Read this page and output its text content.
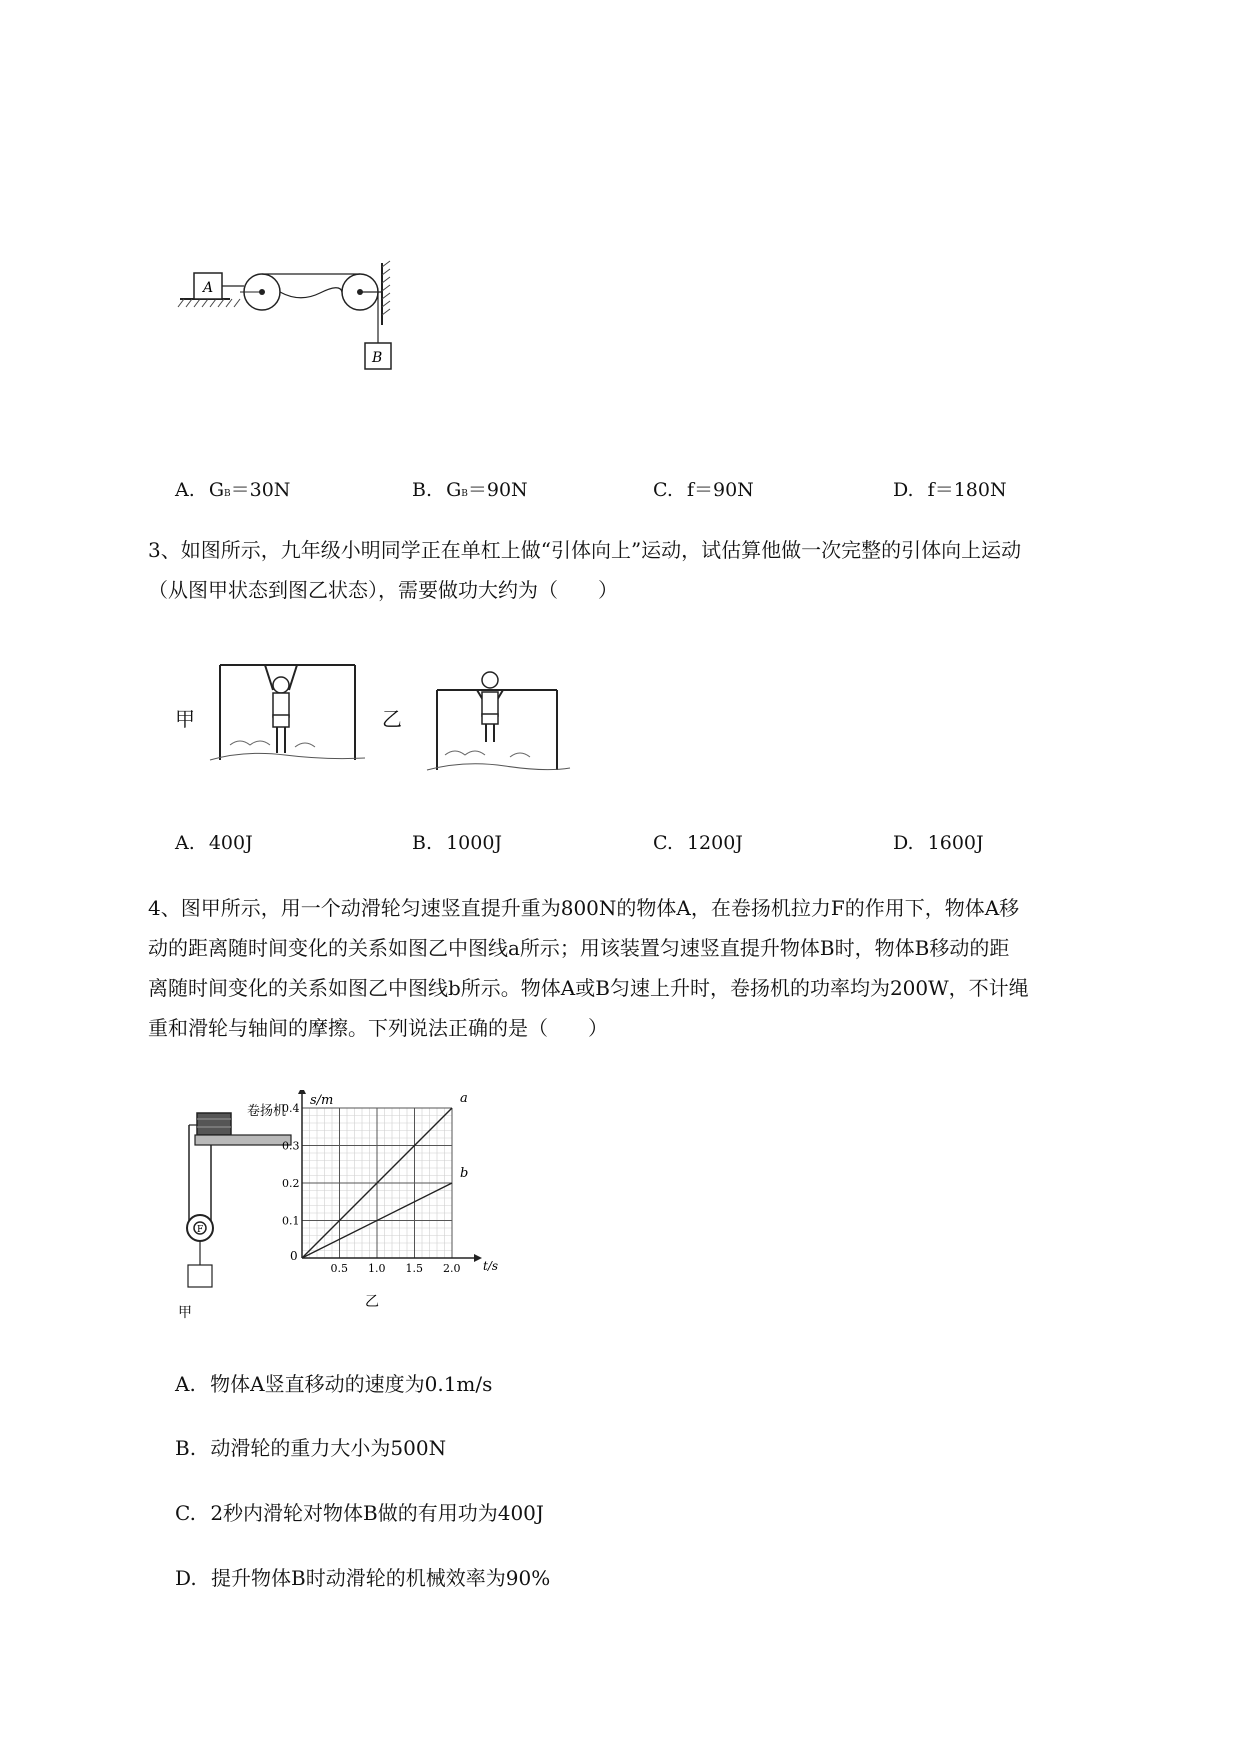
A
B
A. GB＝30N	B. GB＝90N	C. f＝90N	D. f＝180N
3、如图所示，九年级小明同学正在单杠上做“引体向上”运动，试估算他做一次完整的引体向上运动
（从图甲状态到图乙状态），需要做功大约为（　　）
甲	乙
A. 400J	B. 1000J	C. 1200J	D. 1600J
4、图甲所示，用一个动滑轮匀速竖直提升重为800N的物体A，在卷扬机拉力F的作用下，物体A移
动的距离随时间变化的关系如图乙中图线a所示；用该装置匀速竖直提升物体B时，物体B移动的距
离随时间变化的关系如图乙中图线b所示。物体A或B匀速上升时，卷扬机的功率均为200W，不计绳
重和滑轮与轴间的摩擦。下列说法正确的是（　　）
卷扬机
F
甲
0.5 1.0 1.5 2.0
0.1
0.2
0.3
0.4
a
b
s/m
t/s
0
乙
A. 物体A竖直移动的速度为0.1m/s
B. 动滑轮的重力大小为500N
C. 2秒内滑轮对物体B做的有用功为400J
D. 提升物体B时动滑轮的机械效率为90%
